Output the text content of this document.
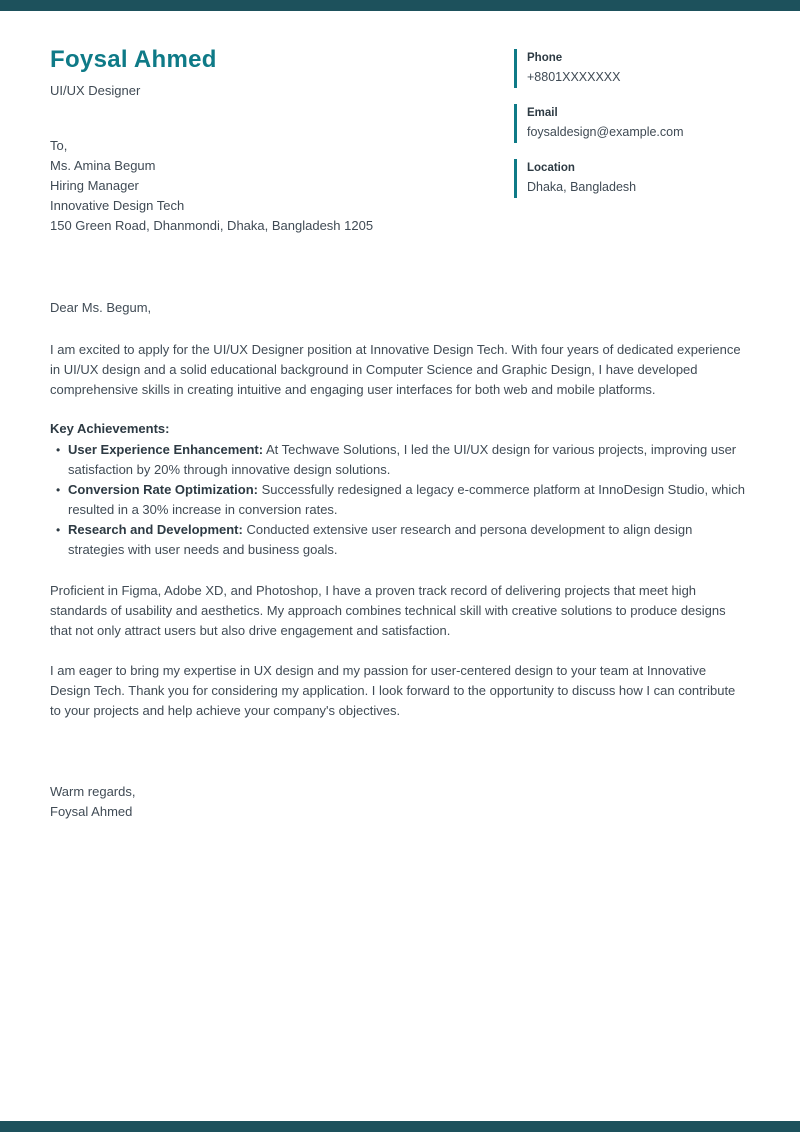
Foysal Ahmed
UI/UX Designer
To,
Ms. Amina Begum
Hiring Manager
Innovative Design Tech
150 Green Road, Dhanmondi, Dhaka, Bangladesh 1205
Phone
+8801XXXXXXX
Email
foysaldesign@example.com
Location
Dhaka, Bangladesh
Dear Ms. Begum,

I am excited to apply for the UI/UX Designer position at Innovative Design Tech. With four years of dedicated experience in UI/UX design and a solid educational background in Computer Science and Graphic Design, I have developed comprehensive skills in creating intuitive and engaging user interfaces for both web and mobile platforms.

Key Achievements:
• User Experience Enhancement: At Techwave Solutions, I led the UI/UX design for various projects, improving user satisfaction by 20% through innovative design solutions.
• Conversion Rate Optimization: Successfully redesigned a legacy e-commerce platform at InnoDesign Studio, which resulted in a 30% increase in conversion rates.
• Research and Development: Conducted extensive user research and persona development to align design strategies with user needs and business goals.

Proficient in Figma, Adobe XD, and Photoshop, I have a proven track record of delivering projects that meet high standards of usability and aesthetics. My approach combines technical skill with creative solutions to produce designs that not only attract users but also drive engagement and satisfaction.

I am eager to bring my expertise in UX design and my passion for user-centered design to your team at Innovative Design Tech. Thank you for considering my application. I look forward to the opportunity to discuss how I can contribute to your projects and help achieve your company's objectives.

Warm regards,
Foysal Ahmed
